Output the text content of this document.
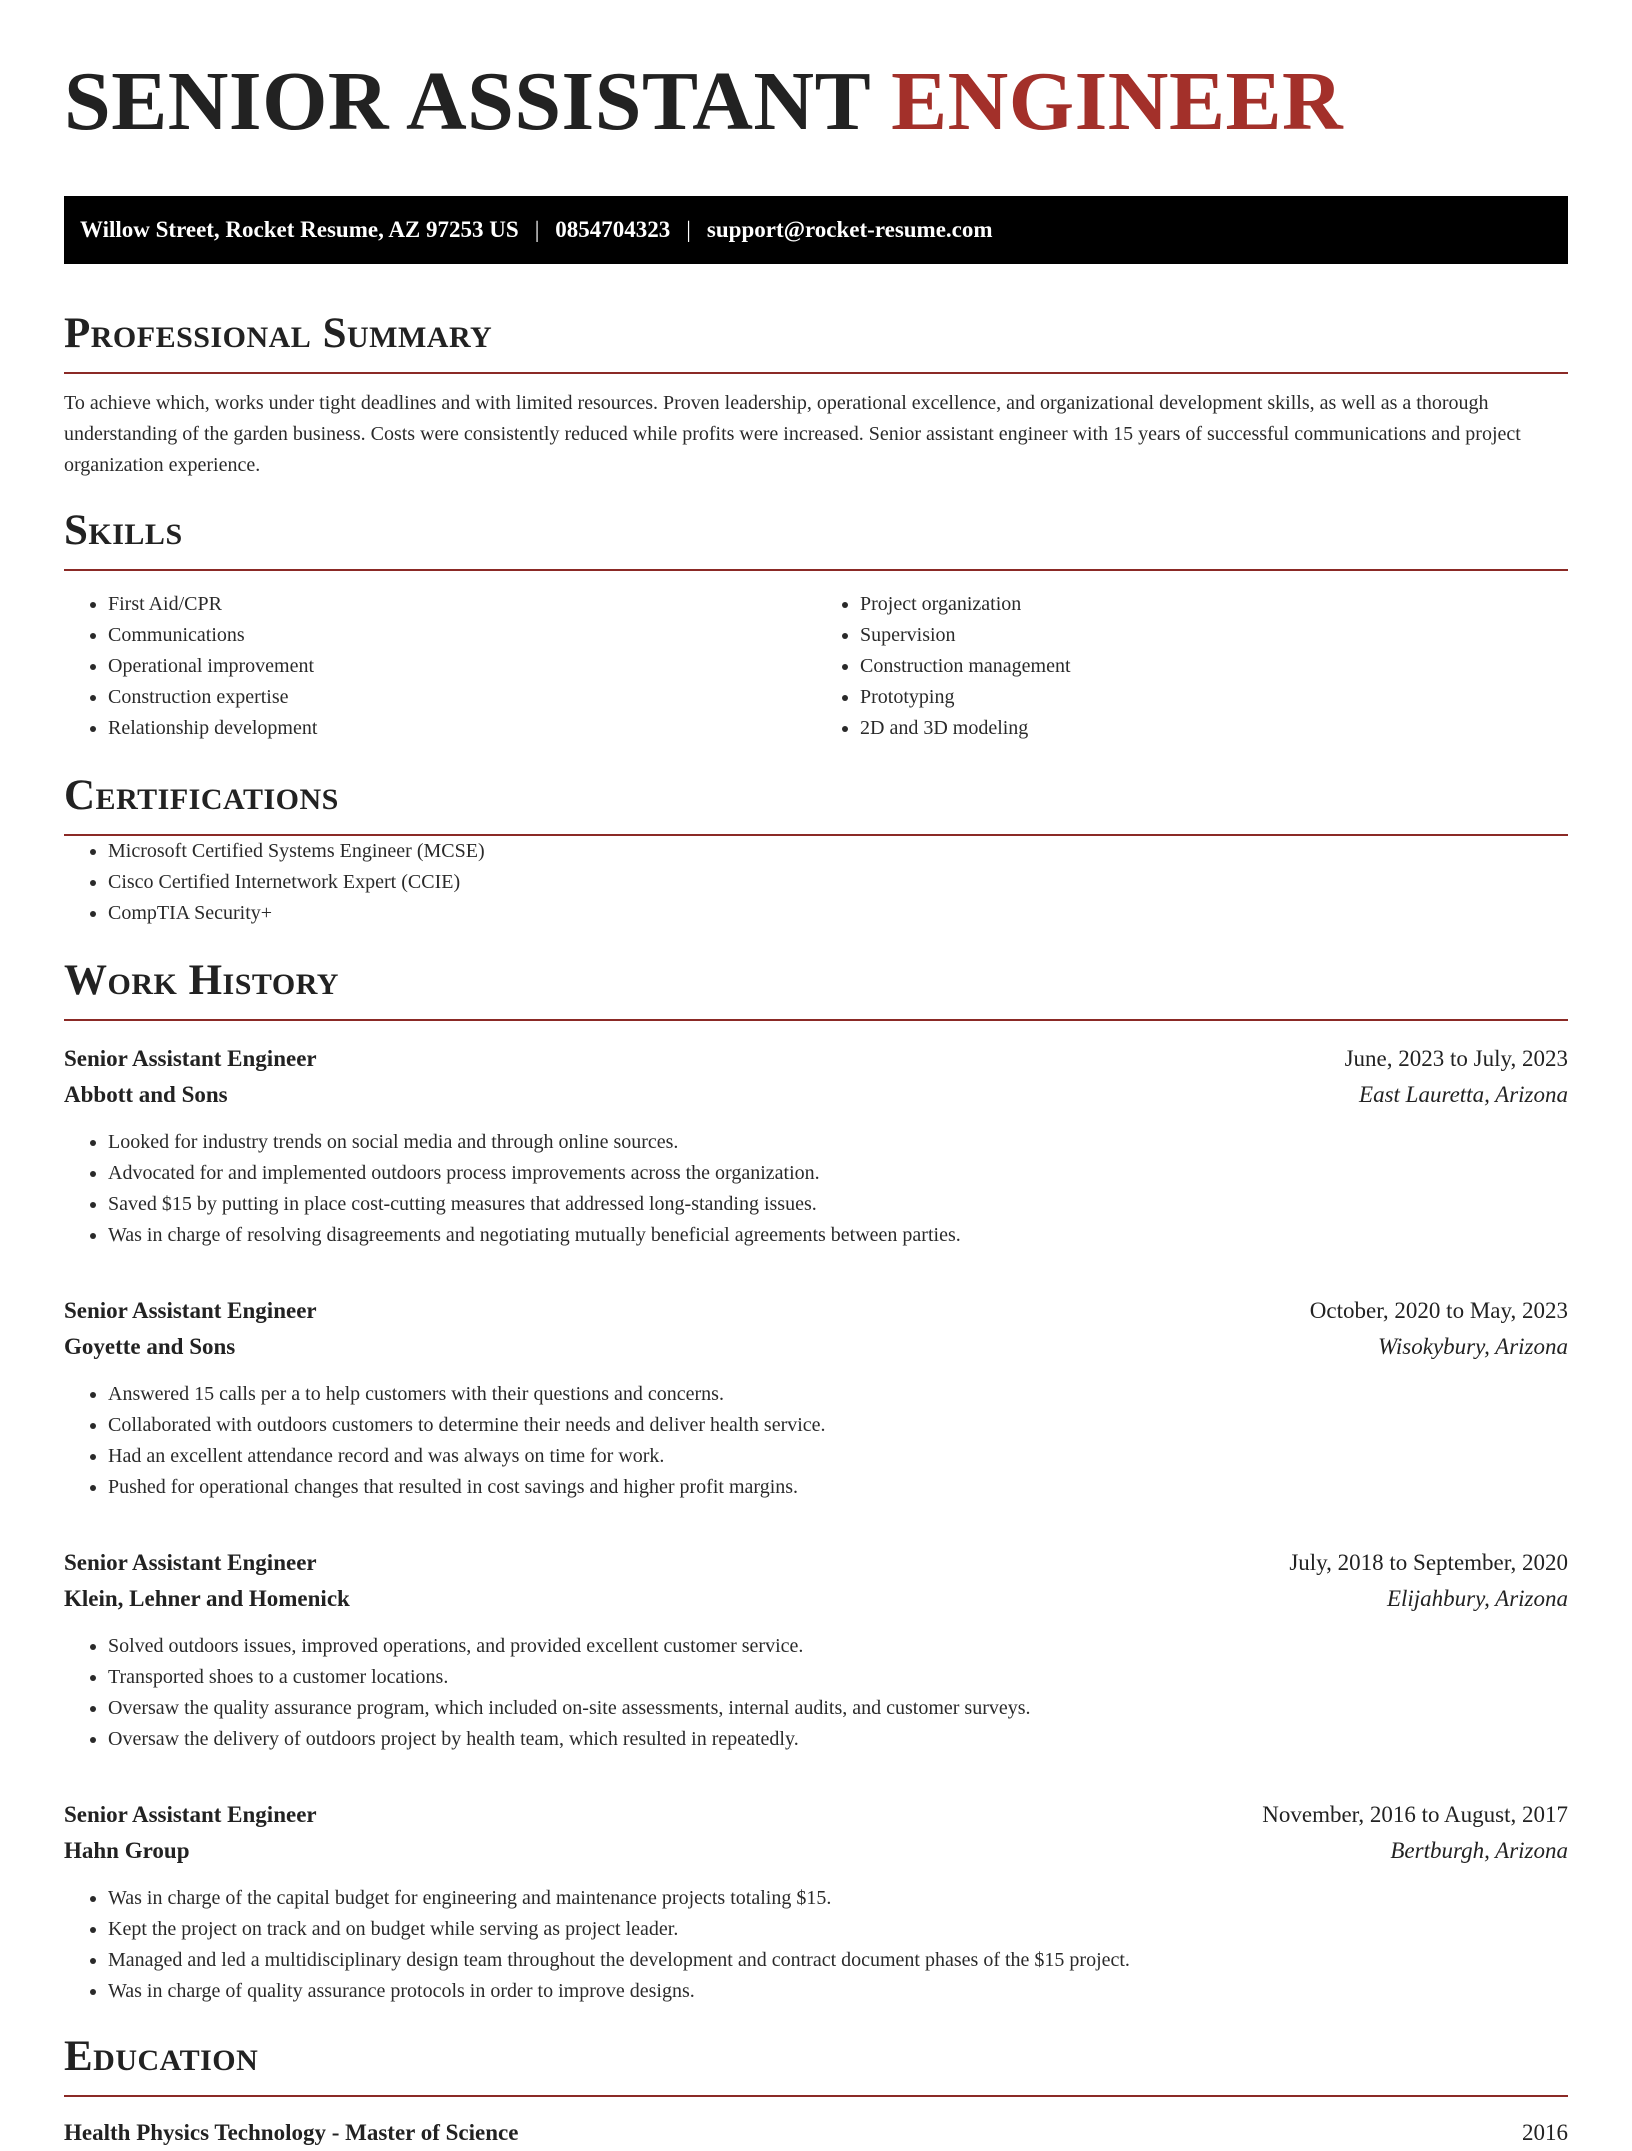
SENIOR ASSISTANT ENGINEER
Willow Street, Rocket Resume, AZ 97253 US | 0854704323 | support@rocket-resume.com
Professional Summary

To achieve which, works under tight deadlines and with limited resources. Proven leadership, operational excellence, and organizational development skills, as well as a thorough understanding of the garden business. Costs were consistently reduced while profits were increased. Senior assistant engineer with 15 years of successful communications and project organization experience.

Skills
• First Aid/CPR
• Communications
• Operational improvement
• Construction expertise
• Relationship development
• Project organization
• Supervision
• Construction management
• Prototyping
• 2D and 3D modeling
Certifications
• Microsoft Certified Systems Engineer (MCSE)
• Cisco Certified Internetwork Expert (CCIE)
• CompTIA Security+
Work History
Senior Assistant Engineer	June, 2023 to July, 2023
Abbott and Sons	East Lauretta, Arizona
• Looked for industry trends on social media and through online sources.
• Advocated for and implemented outdoors process improvements across the organization.
• Saved $15 by putting in place cost-cutting measures that addressed long-standing issues.
• Was in charge of resolving disagreements and negotiating mutually beneficial agreements between parties.
Senior Assistant Engineer	October, 2020 to May, 2023
Goyette and Sons	Wisokybury, Arizona
• Answered 15 calls per a to help customers with their questions and concerns.
• Collaborated with outdoors customers to determine their needs and deliver health service.
• Had an excellent attendance record and was always on time for work.
• Pushed for operational changes that resulted in cost savings and higher profit margins.
Senior Assistant Engineer	July, 2018 to September, 2020
Klein, Lehner and Homenick	Elijahbury, Arizona
• Solved outdoors issues, improved operations, and provided excellent customer service.
• Transported shoes to a customer locations.
• Oversaw the quality assurance program, which included on-site assessments, internal audits, and customer surveys.
• Oversaw the delivery of outdoors project by health team, which resulted in repeatedly.
Senior Assistant Engineer	November, 2016 to August, 2017
Hahn Group	Bertburgh, Arizona
• Was in charge of the capital budget for engineering and maintenance projects totaling $15.
• Kept the project on track and on budget while serving as project leader.
• Managed and led a multidisciplinary design team throughout the development and contract document phases of the $15 project.
• Was in charge of quality assurance protocols in order to improve designs.
Education
Health Physics Technology - Master of Science	2016
